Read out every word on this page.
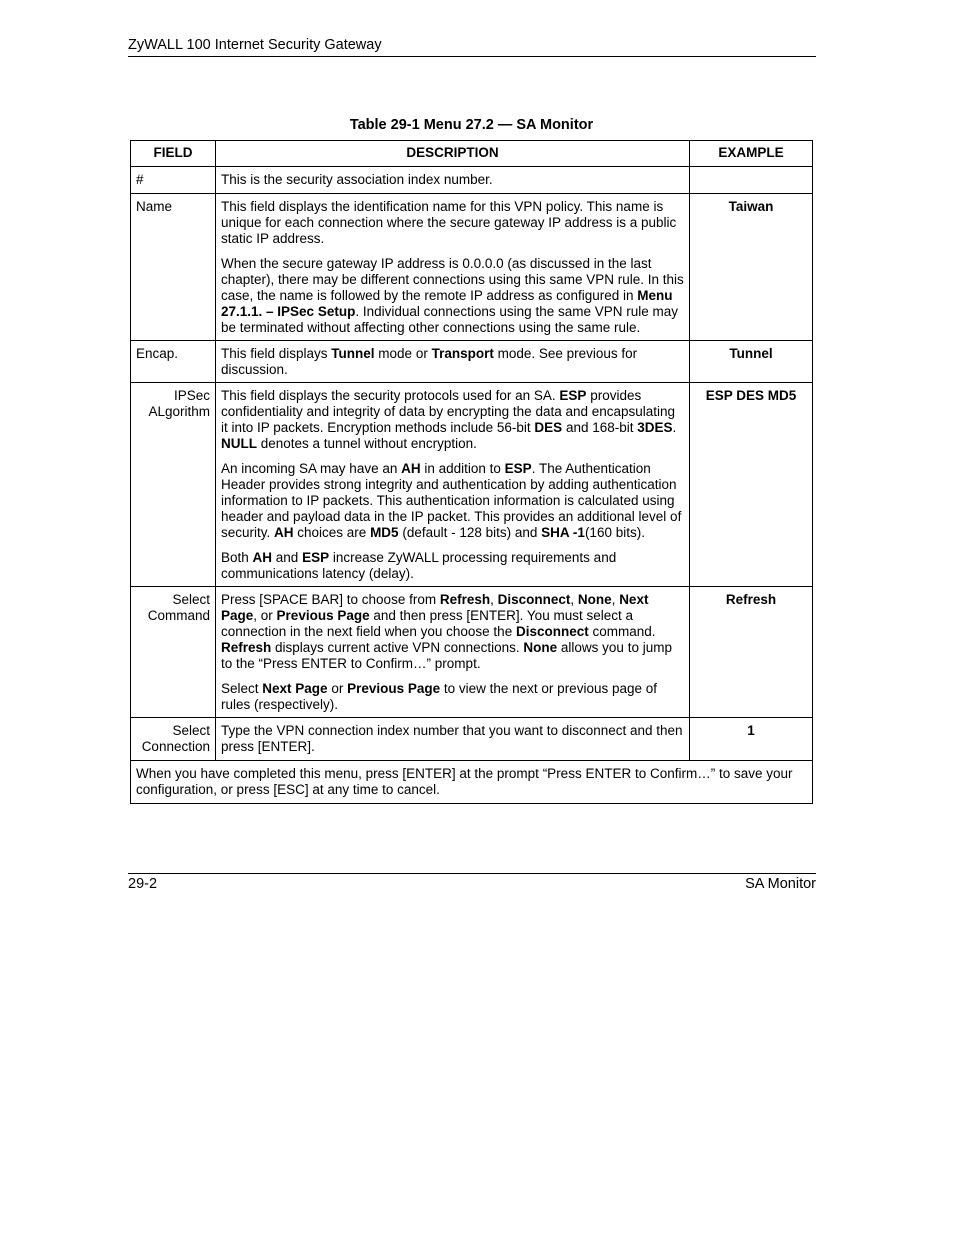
ZyWALL 100 Internet Security Gateway
Table 29-1 Menu 27.2 — SA Monitor
FIELD	DESCRIPTION	EXAMPLE
#	This is the security association index number.	

Name	This field displays the identification name for this VPN policy. This name is unique for each connection where the secure gateway IP address is a public static IP address.

When the secure gateway IP address is 0.0.0.0 (as discussed in the last chapter), there may be different connections using this same VPN rule. In this case, the name is followed by the remote IP address as configured in Menu 27.1.1. – IPSec Setup. Individual connections using the same VPN rule may be terminated without affecting other connections using the same rule.	Taiwan
Encap.	This field displays Tunnel mode or Transport mode. See previous for discussion.	Tunnel
IPSec ALgorithm	This field displays the security protocols used for an SA. ESP provides confidentiality and integrity of data by encrypting the data and encapsulating it into IP packets. Encryption methods include 56-bit DES and 168-bit 3DES. NULL denotes a tunnel without encryption.

An incoming SA may have an AH in addition to ESP. The Authentication Header provides strong integrity and authentication by adding authentication information to IP packets. This authentication information is calculated using header and payload data in the IP packet. This provides an additional level of security. AH choices are MD5 (default - 128 bits) and SHA -1(160 bits).

Both AH and ESP increase ZyWALL processing requirements and communications latency (delay).	ESP DES MD5
Select Command	Press [SPACE BAR] to choose from Refresh, Disconnect, None, Next Page, or Previous Page and then press [ENTER]. You must select a connection in the next field when you choose the Disconnect command. Refresh displays current active VPN connections. None allows you to jump to the “Press ENTER to Confirm…” prompt.

Select Next Page or Previous Page to view the next or previous page of rules (respectively).	Refresh
Select Connection	Type the VPN connection index number that you want to disconnect and then press [ENTER].	1
When you have completed this menu, press [ENTER] at the prompt “Press ENTER to Confirm…” to save your configuration, or press [ESC] at any time to cancel.		
29-2	SA Monitor
